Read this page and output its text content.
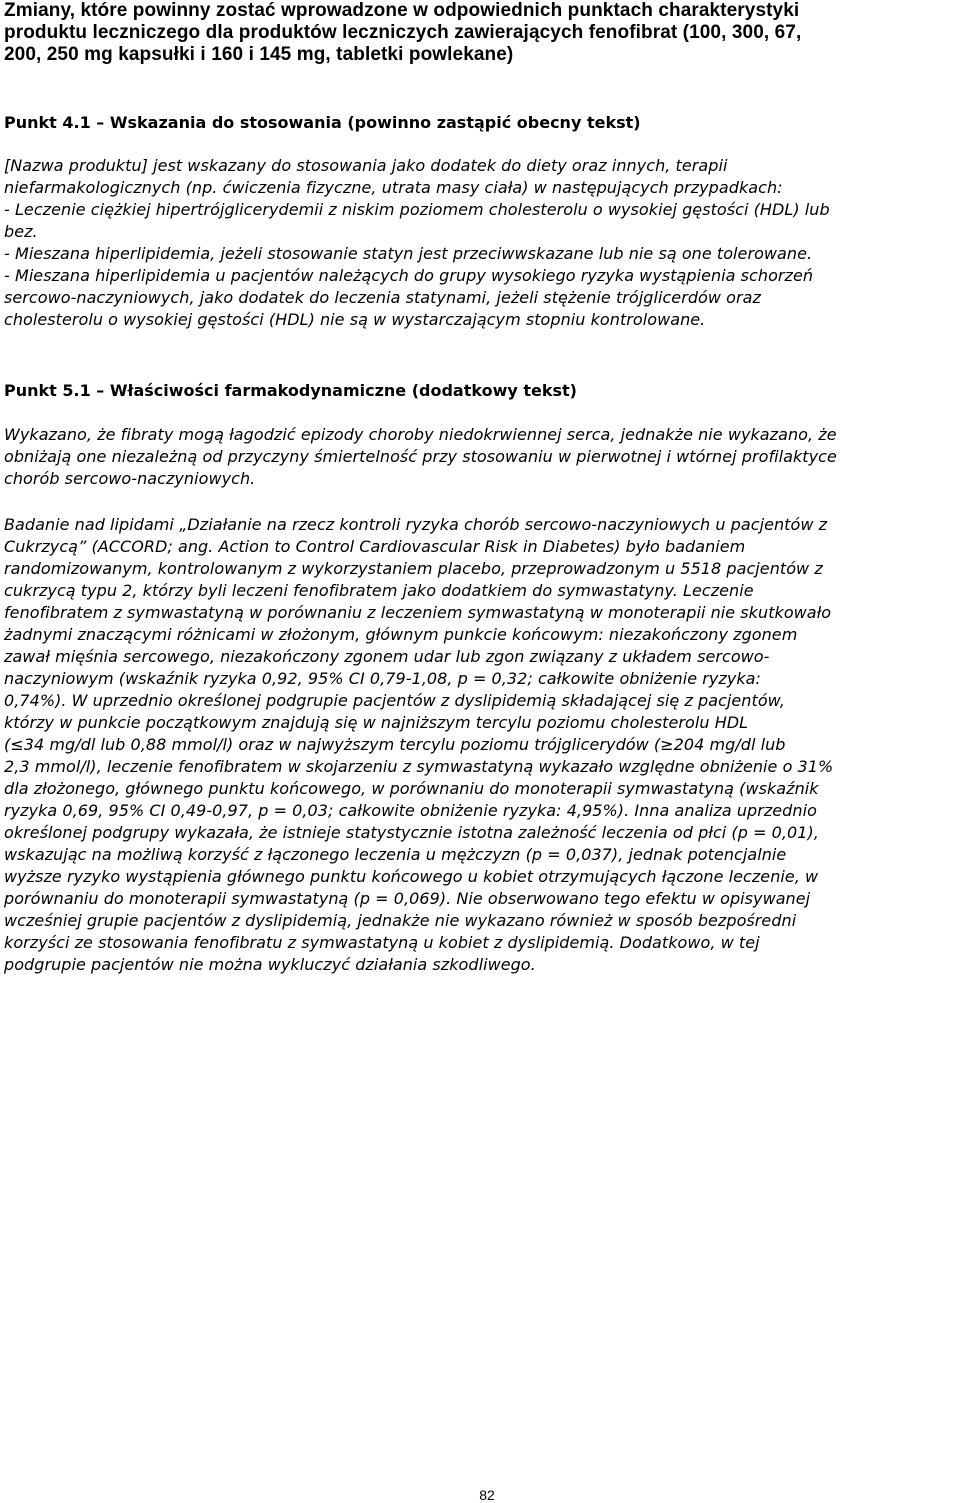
Zmiany, które powinny zostać wprowadzone w odpowiednich punktach charakterystyki
produktu leczniczego dla produktów leczniczych zawierających fenofibrat (100, 300, 67,
200, 250 mg kapsułki i 160 i 145 mg, tabletki powlekane)
Punkt 4.1 – Wskazania do stosowania (powinno zastąpić obecny tekst)
[Nazwa produktu] jest wskazany do stosowania jako dodatek do diety oraz innych, terapii
niefarmakologicznych (np. ćwiczenia fizyczne, utrata masy ciała) w następujących przypadkach:
- Leczenie ciężkiej hipertrójglicerydemii z niskim poziomem cholesterolu o wysokiej gęstości (HDL) lub
bez.
- Mieszana hiperlipidemia, jeżeli stosowanie statyn jest przeciwwskazane lub nie są one tolerowane.
- Mieszana hiperlipidemia u pacjentów należących do grupy wysokiego ryzyka wystąpienia schorzeń
sercowo-naczyniowych, jako dodatek do leczenia statynami, jeżeli stężenie trójglicerdów oraz
cholesterolu o wysokiej gęstości (HDL) nie są w wystarczającym stopniu kontrolowane.
Punkt 5.1 – Właściwości farmakodynamiczne (dodatkowy tekst)
Wykazano, że fibraty mogą łagodzić epizody choroby niedokrwiennej serca, jednakże nie wykazano, że
obniżają one niezależną od przyczyny śmiertelność przy stosowaniu w pierwotnej i wtórnej profilaktyce
chorób sercowo-naczyniowych.
Badanie nad lipidami „Działanie na rzecz kontroli ryzyka chorób sercowo-naczyniowych u pacjentów z
Cukrzycą” (ACCORD; ang. Action to Control Cardiovascular Risk in Diabetes) było badaniem
randomizowanym, kontrolowanym z wykorzystaniem placebo, przeprowadzonym u 5518 pacjentów z
cukrzycą typu 2, którzy byli leczeni fenofibratem jako dodatkiem do symwastatyny. Leczenie
fenofibratem z symwastatyną w porównaniu z leczeniem symwastatyną w monoterapii nie skutkowało
żadnymi znaczącymi różnicami w złożonym, głównym punkcie końcowym: niezakończony zgonem
zawał mięśnia sercowego, niezakończony zgonem udar lub zgon związany z układem sercowo-
naczyniowym (wskaźnik ryzyka 0,92, 95% CI 0,79-1,08, p = 0,32; całkowite obniżenie ryzyka:
0,74%). W uprzednio określonej podgrupie pacjentów z dyslipidemią składającej się z pacjentów,
którzy w punkcie początkowym znajdują się w najniższym tercylu poziomu cholesterolu HDL
(≤34 mg/dl lub 0,88 mmol/l) oraz w najwyższym tercylu poziomu trójglicerydów (≥204 mg/dl lub
2,3 mmol/l), leczenie fenofibratem w skojarzeniu z symwastatyną wykazało względne obniżenie o 31%
dla złożonego, głównego punktu końcowego, w porównaniu do monoterapii symwastatyną (wskaźnik
ryzyka 0,69, 95% CI 0,49-0,97, p = 0,03; całkowite obniżenie ryzyka: 4,95%). Inna analiza uprzednio
określonej podgrupy wykazała, że istnieje statystycznie istotna zależność leczenia od płci (p = 0,01),
wskazując na możliwą korzyść z łączonego leczenia u mężczyzn (p = 0,037), jednak potencjalnie
wyższe ryzyko wystąpienia głównego punktu końcowego u kobiet otrzymujących łączone leczenie, w
porównaniu do monoterapii symwastatyną (p = 0,069). Nie obserwowano tego efektu w opisywanej
wcześniej grupie pacjentów z dyslipidemią, jednakże nie wykazano również w sposób bezpośredni
korzyści ze stosowania fenofibratu z symwastatyną u kobiet z dyslipidemią. Dodatkowo, w tej
podgrupie pacjentów nie można wykluczyć działania szkodliwego.
82
